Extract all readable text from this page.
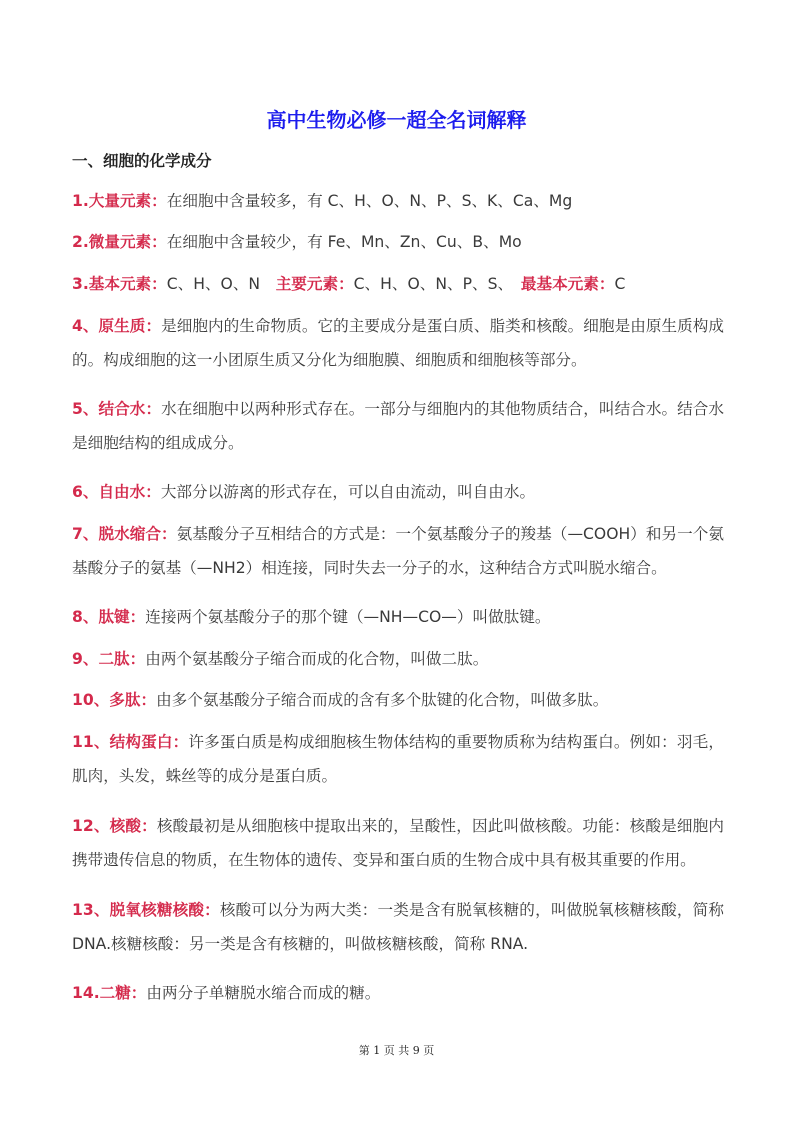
高中生物必修一超全名词解释
一、细胞的化学成分
1.大量元素：在细胞中含量较多，有 C、H、O、N、P、S、K、Ca、Mg
2.微量元素：在细胞中含量较少，有 Fe、Mn、Zn、Cu、B、Mo
3.基本元素：C、H、O、N　主要元素：C、H、O、N、P、S、　最基本元素：C
4、原生质：是细胞内的生命物质。它的主要成分是蛋白质、脂类和核酸。细胞是由原生质构成的。构成细胞的这一小团原生质又分化为细胞膜、细胞质和细胞核等部分。
5、结合水：水在细胞中以两种形式存在。一部分与细胞内的其他物质结合，叫结合水。结合水是细胞结构的组成成分。
6、自由水：大部分以游离的形式存在，可以自由流动，叫自由水。
7、脱水缩合：氨基酸分子互相结合的方式是：一个氨基酸分子的羧基（—COOH）和另一个氨基酸分子的氨基（—NH2）相连接，同时失去一分子的水，这种结合方式叫脱水缩合。
8、肽键：连接两个氨基酸分子的那个键（—NH—CO—）叫做肽键。
9、二肽：由两个氨基酸分子缩合而成的化合物，叫做二肽。
10、多肽：由多个氨基酸分子缩合而成的含有多个肽键的化合物，叫做多肽。
11、结构蛋白：许多蛋白质是构成细胞核生物体结构的重要物质称为结构蛋白。例如：羽毛，肌肉，头发，蛛丝等的成分是蛋白质。
12、核酸：核酸最初是从细胞核中提取出来的，呈酸性，因此叫做核酸。功能：核酸是细胞内携带遗传信息的物质，在生物体的遗传、变异和蛋白质的生物合成中具有极其重要的作用。
13、脱氧核糖核酸：核酸可以分为两大类：一类是含有脱氧核糖的，叫做脱氧核糖核酸，简称 DNA.核糖核酸：另一类是含有核糖的，叫做核糖核酸，简称 RNA.
14.二糖：由两分子单糖脱水缩合而成的糖。
第 1 页 共 9 页
